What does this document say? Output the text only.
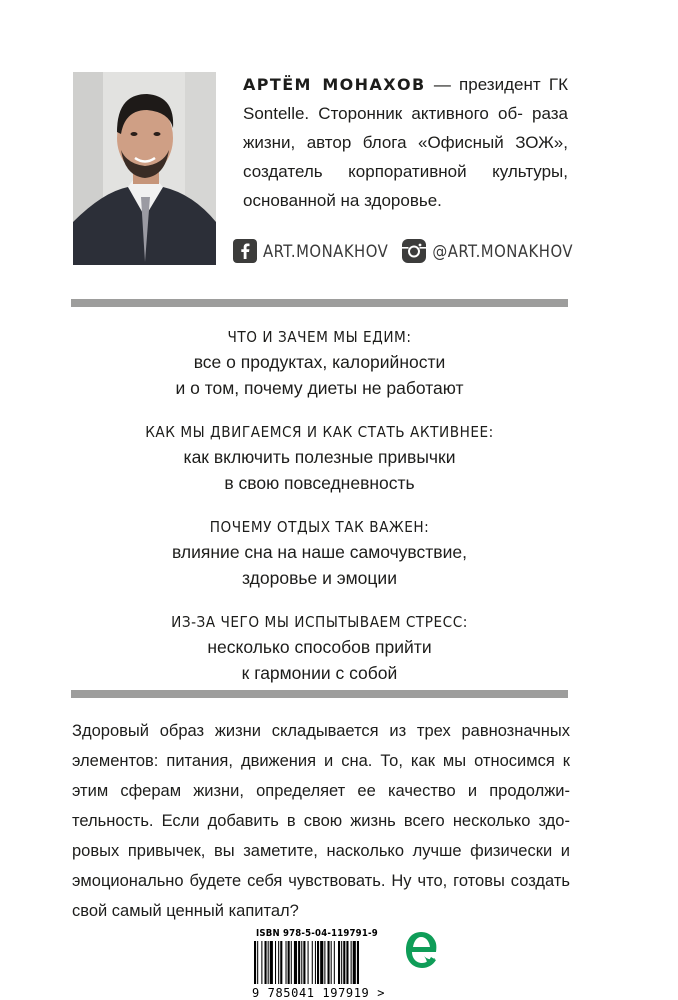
АРТЁМ МОНАХОВ — президент ГК Sontelle. Сторонник активного об- раза жизни, автор блога «Офисный ЗОЖ», создатель корпоративной культуры, основанной на здоровье.
ART.MONAKHOV	@ART.MONAKHOV
ЧТО И ЗАЧЕМ МЫ ЕДИМ:
все о продуктах, калорийности
и о том, почему диеты не работают
КАК МЫ ДВИГАЕМСЯ И КАК СТАТЬ АКТИВНЕЕ:
как включить полезные привычки
в свою повседневность
ПОЧЕМУ ОТДЫХ ТАК ВАЖЕН:
влияние сна на наше самочувствие,
здоровье и эмоции
ИЗ-ЗА ЧЕГО МЫ ИСПЫТЫВАЕМ СТРЕСС:
несколько способов прийти
к гармонии с собой
Здоровый образ жизни складывается из трех равнозначных элементов: питания, движения и сна. То, как мы относимся к этим сферам жизни, определяет ее качество и продолжительность. Если добавить в свою жизнь всего несколько здоровых привычек, вы заметите, насколько лучше физически и эмоционально будете себя чувствовать. Ну что, готовы создать свой самый ценный капитал?
ISBN 978-5-04-119791-9
9 785041 197919 >
